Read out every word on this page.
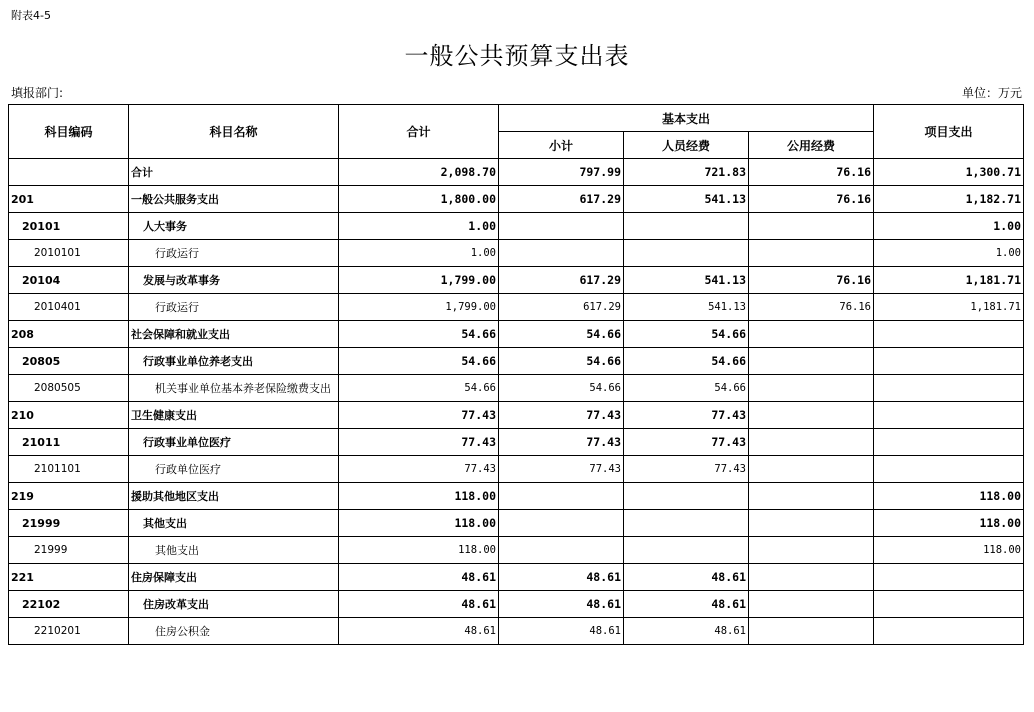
附表4-5
一般公共预算支出表
填报部门:	单位：万元
科目编码	科目名称	合计	基本支出			项目支出
			小计	人员经费	公用经费	
	合计	2,098.70	797.99	721.83	76.16	1,300.71
201	一般公共服务支出	1,800.00	617.29	541.13	76.16	1,182.71
20101	人大事务	1.00				1.00
2010101	行政运行	1.00				1.00
20104	发展与改革事务	1,799.00	617.29	541.13	76.16	1,181.71
2010401	行政运行	1,799.00	617.29	541.13	76.16	1,181.71
208	社会保障和就业支出	54.66	54.66	54.66		
20805	行政事业单位养老支出	54.66	54.66	54.66		
2080505	机关事业单位基本养老保险缴费支出	54.66	54.66	54.66		
210	卫生健康支出	77.43	77.43	77.43		
21011	行政事业单位医疗	77.43	77.43	77.43		
2101101	行政单位医疗	77.43	77.43	77.43		
219	援助其他地区支出	118.00				118.00
21999	其他支出	118.00				118.00
21999	其他支出	118.00				118.00
221	住房保障支出	48.61	48.61	48.61		
22102	住房改革支出	48.61	48.61	48.61		
2210201	住房公积金	48.61	48.61	48.61		
